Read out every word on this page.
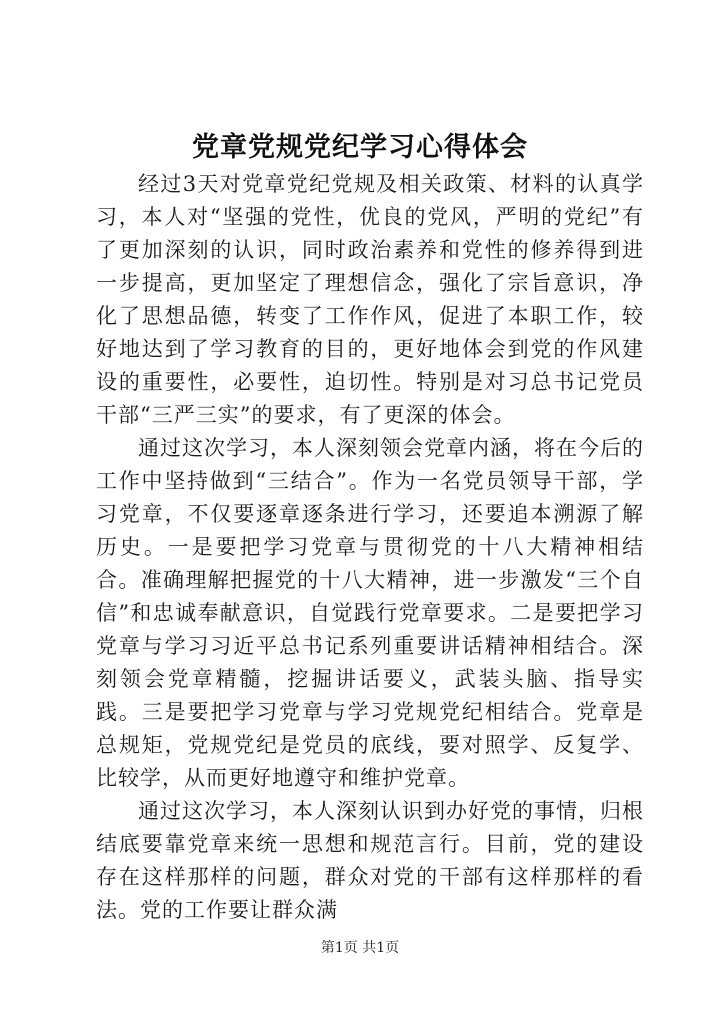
党章党规党纪学习心得体会

经过3天对党章党纪党规及相关政策、材料的认真学习，本人对“坚强的党性，优良的党风，严明的党纪”有了更加深刻的认识，同时政治素养和党性的修养得到进一步提高，更加坚定了理想信念，强化了宗旨意识，净化了思想品德，转变了工作作风，促进了本职工作，较好地达到了学习教育的目的，更好地体会到党的作风建设的重要性，必要性，迫切性。特别是对习总书记党员干部“三严三实”的要求，有了更深的体会。

通过这次学习，本人深刻领会党章内涵，将在今后的工作中坚持做到“三结合”。作为一名党员领导干部，学习党章，不仅要逐章逐条进行学习，还要追本溯源了解历史。一是要把学习党章与贯彻党的十八大精神相结合。准确理解把握党的十八大精神，进一步激发“三个自信”和忠诚奉献意识，自觉践行党章要求。二是要把学习党章与学习习近平总书记系列重要讲话精神相结合。深刻领会党章精髓，挖掘讲话要义，武装头脑、指导实践。三是要把学习党章与学习党规党纪相结合。党章是总规矩，党规党纪是党员的底线，要对照学、反复学、比较学，从而更好地遵守和维护党章。

通过这次学习，本人深刻认识到办好党的事情，归根结底要靠党章来统一思想和规范言行。目前，党的建设存在这样那样的问题，群众对党的干部有这样那样的看法。党的工作要让群众满

第1页 共1页
